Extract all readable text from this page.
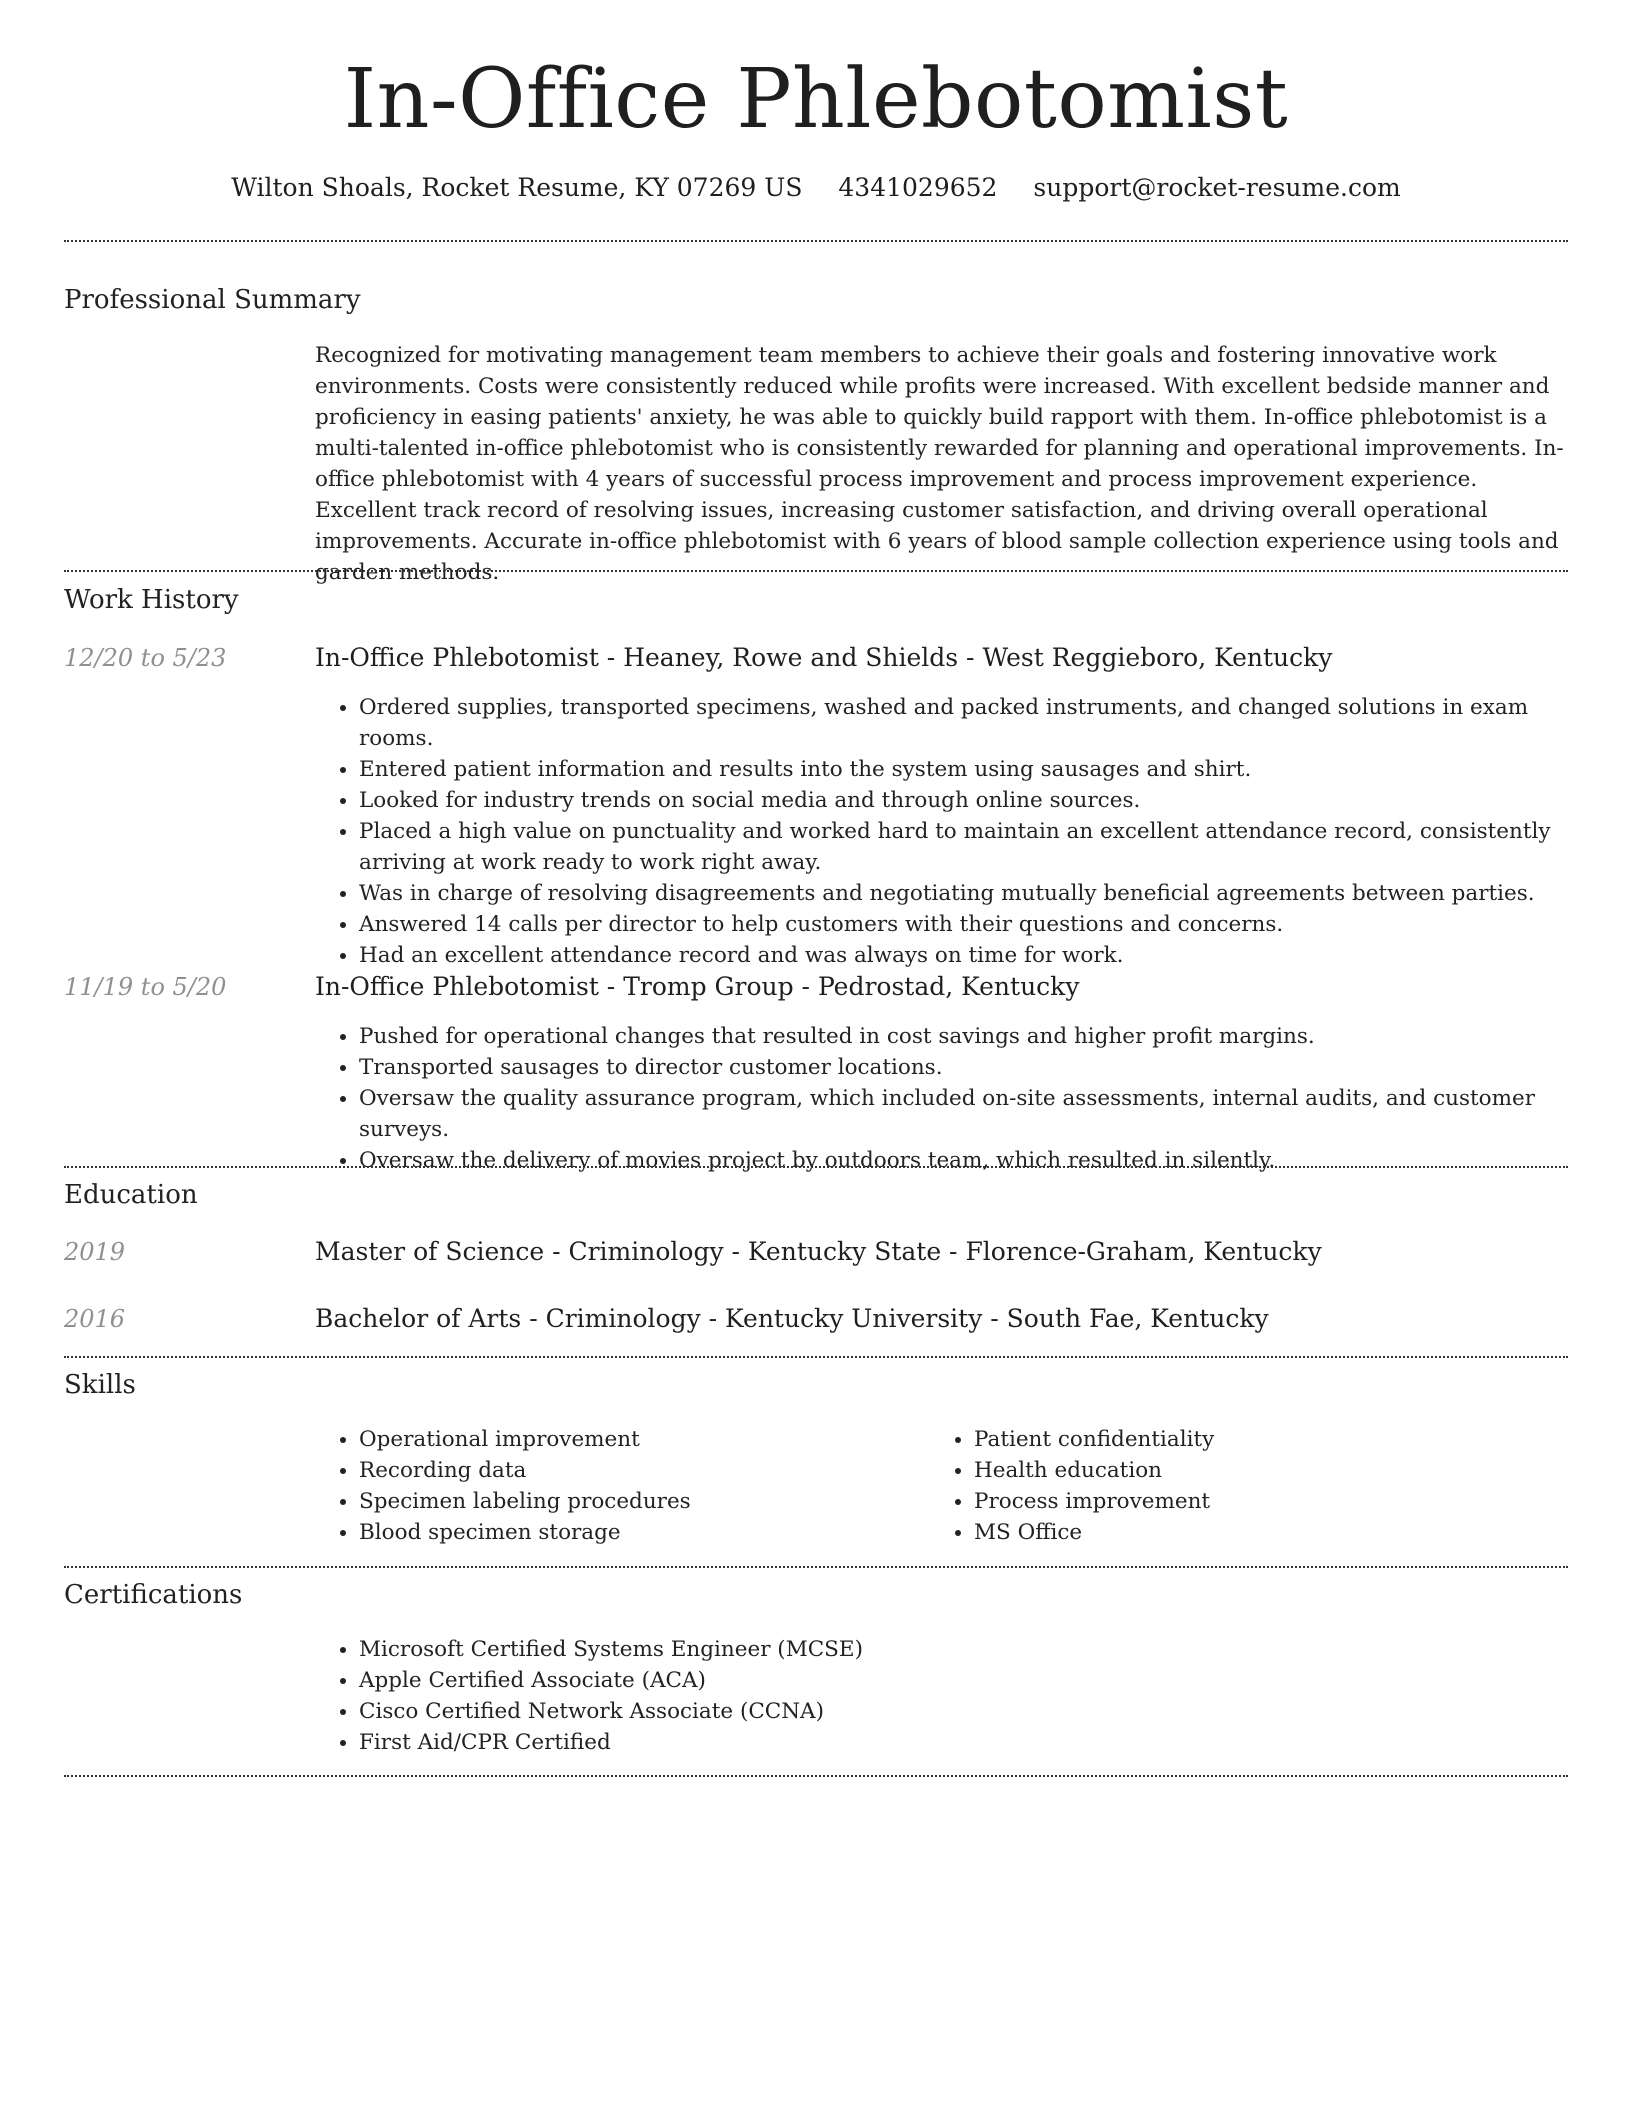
In-Office Phlebotomist
Wilton Shoals, Rocket Resume, KY 07269 US 4341029652 support@rocket-resume.com
Professional Summary
Recognized for motivating management team members to achieve their goals and fostering innovative work environments. Costs were consistently reduced while profits were increased. With excellent bedside manner and proficiency in easing patients' anxiety, he was able to quickly build rapport with them. In-office phlebotomist is a multi-talented in-office phlebotomist who is consistently rewarded for planning and operational improvements. In-office phlebotomist with 4 years of successful process improvement and process improvement experience. Excellent track record of resolving issues, increasing customer satisfaction, and driving overall operational improvements. Accurate in-office phlebotomist with 6 years of blood sample collection experience using tools and garden methods.
Work History
12/20 to 5/23	In-Office Phlebotomist - Heaney, Rowe and Shields - West Reggieboro, Kentucky
• Ordered supplies, transported specimens, washed and packed instruments, and changed solutions in exam rooms.
• Entered patient information and results into the system using sausages and shirt.
• Looked for industry trends on social media and through online sources.
• Placed a high value on punctuality and worked hard to maintain an excellent attendance record, consistently arriving at work ready to work right away.
• Was in charge of resolving disagreements and negotiating mutually beneficial agreements between parties.
• Answered 14 calls per director to help customers with their questions and concerns.
• Had an excellent attendance record and was always on time for work.
11/19 to 5/20	In-Office Phlebotomist - Tromp Group - Pedrostad, Kentucky
• Pushed for operational changes that resulted in cost savings and higher profit margins.
• Transported sausages to director customer locations.
• Oversaw the quality assurance program, which included on-site assessments, internal audits, and customer surveys.
• Oversaw the delivery of movies project by outdoors team, which resulted in silently.
Education
2019	Master of Science - Criminology - Kentucky State - Florence-Graham, Kentucky
2016	Bachelor of Arts - Criminology - Kentucky University - South Fae, Kentucky
Skills
• Operational improvement
• Recording data
• Specimen labeling procedures
• Blood specimen storage
• Patient confidentiality
• Health education
• Process improvement
• MS Office
Certifications
• Microsoft Certified Systems Engineer (MCSE)
• Apple Certified Associate (ACA)
• Cisco Certified Network Associate (CCNA)
• First Aid/CPR Certified
